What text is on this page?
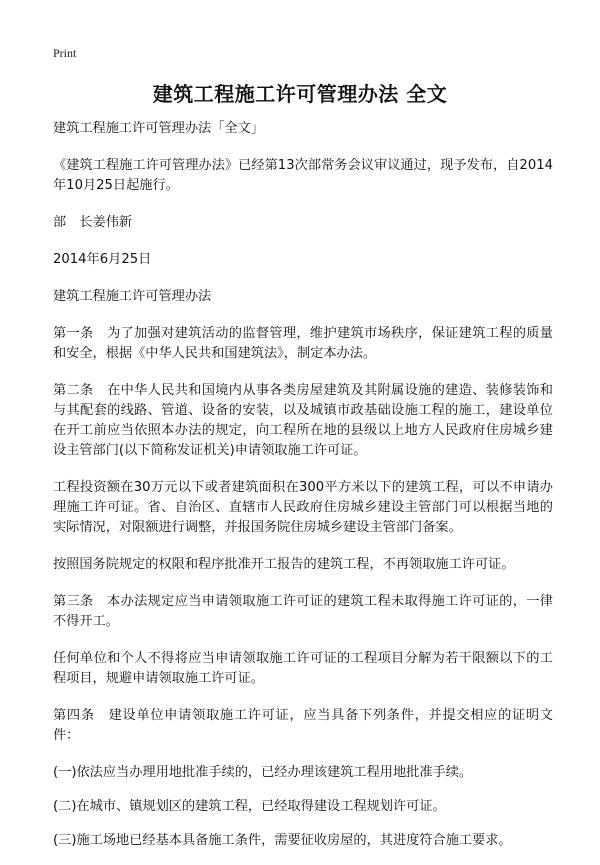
Print
建筑工程施工许可管理办法 全文

建筑工程施工许可管理办法「全文」

《建筑工程施工许可管理办法》已经第13次部常务会议审议通过，现予发布，自2014年10月25日起施行。

部　长姜伟新

2014年6月25日

建筑工程施工许可管理办法

第一条　为了加强对建筑活动的监督管理，维护建筑市场秩序，保证建筑工程的质量和安全，根据《中华人民共和国建筑法》，制定本办法。

第二条　在中华人民共和国境内从事各类房屋建筑及其附属设施的建造、装修装饰和与其配套的线路、管道、设备的安装，以及城镇市政基础设施工程的施工，建设单位在开工前应当依照本办法的规定，向工程所在地的县级以上地方人民政府住房城乡建设主管部门(以下简称发证机关)申请领取施工许可证。

工程投资额在30万元以下或者建筑面积在300平方米以下的建筑工程，可以不申请办理施工许可证。省、自治区、直辖市人民政府住房城乡建设主管部门可以根据当地的实际情况，对限额进行调整，并报国务院住房城乡建设主管部门备案。

按照国务院规定的权限和程序批准开工报告的建筑工程，不再领取施工许可证。

第三条　本办法规定应当申请领取施工许可证的建筑工程未取得施工许可证的，一律不得开工。

任何单位和个人不得将应当申请领取施工许可证的工程项目分解为若干限额以下的工程项目，规避申请领取施工许可证。

第四条　建设单位申请领取施工许可证，应当具备下列条件，并提交相应的证明文件：

(一)依法应当办理用地批准手续的，已经办理该建筑工程用地批准手续。

(二)在城市、镇规划区的建筑工程，已经取得建设工程规划许可证。

(三)施工场地已经基本具备施工条件，需要征收房屋的，其进度符合施工要求。
